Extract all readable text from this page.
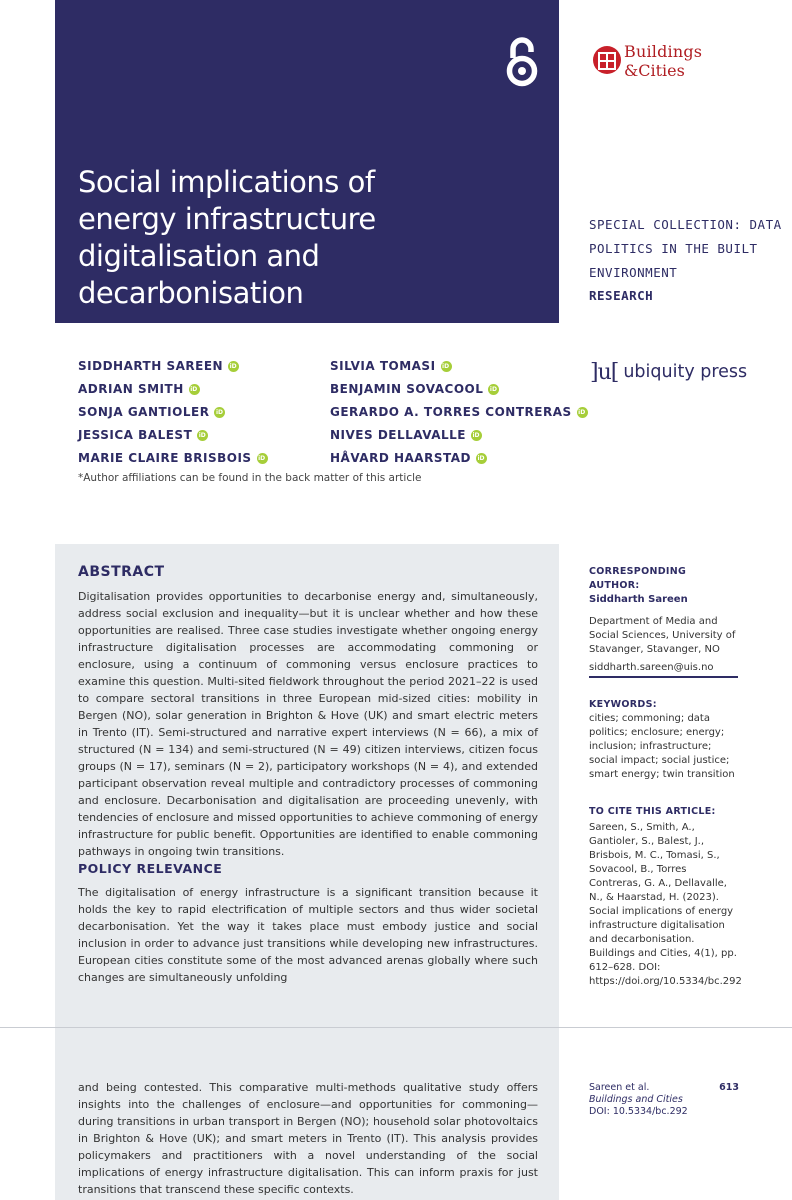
Social implications of energy infrastructure digitalisation and decarbonisation
Buildings
&Cities
SPECIAL COLLECTION: DATA POLITICS IN THE BUILT ENVIRONMENT
RESEARCH
]u[ ubiquity press
SIDDHARTH SAREEN
iD
ADRIAN SMITH
iD
SONJA GANTIOLER
iD
JESSICA BALEST
iD
MARIE CLAIRE BRISBOIS
iD
SILVIA TOMASI
iD
BENJAMIN SOVACOOL
iD
GERARDO A. TORRES CONTRERAS
iD
NIVES DELLAVALLE
iD
HÅVARD HAARSTAD
iD
*Author affiliations can be found in the back matter of this article
ABSTRACT

Digitalisation provides opportunities to decarbonise energy and, simultaneously, address social exclusion and inequality—but it is unclear whether and how these opportunities are realised. Three case studies investigate whether ongoing energy infrastructure digitalisation processes are accommodating commoning or enclosure, using a continuum of commoning versus enclosure practices to examine this question. Multi-sited fieldwork throughout the period 2021–22 is used to compare sectoral transitions in three European mid-sized cities: mobility in Bergen (NO), solar generation in Brighton & Hove (UK) and smart electric meters in Trento (IT). Semi-structured and narrative expert interviews (N = 66), a mix of structured (N = 134) and semi-structured (N = 49) citizen interviews, citizen focus groups (N = 17), seminars (N = 2), participatory workshops (N = 4), and extended participant observation reveal multiple and contradictory processes of commoning and enclosure. Decarbonisation and digitalisation are proceeding unevenly, with tendencies of enclosure and missed opportunities to achieve commoning of energy infrastructure for public benefit. Opportunities are identified to enable commoning pathways in ongoing twin transitions.

POLICY RELEVANCE

The digitalisation of energy infrastructure is a significant transition because it holds the key to rapid electrification of multiple sectors and thus wider societal decarbonisation. Yet the way it takes place must embody justice and social inclusion in order to advance just transitions while developing new infrastructures. European cities constitute some of the most advanced arenas globally where such changes are simultaneously unfolding

and being contested. This comparative multi-methods qualitative study offers insights into the challenges of enclosure—and opportunities for commoning—during transitions in urban transport in Bergen (NO); household solar photovoltaics in Brighton & Hove (UK); and smart meters in Trento (IT). This analysis provides policymakers and practitioners with a novel understanding of the social implications of energy infrastructure digitalisation. This can inform praxis for just transitions that transcend these specific contexts.

CORRESPONDING AUTHOR:
Siddharth Sareen
Department of Media and Social Sciences, University of Stavanger, Stavanger, NO
siddharth.sareen@uis.no
KEYWORDS:
cities; commoning; data politics; enclosure; energy; inclusion; infrastructure; social impact; social justice; smart energy; twin transition
TO CITE THIS ARTICLE:
Sareen, S., Smith, A., Gantioler, S., Balest, J., Brisbois, M. C., Tomasi, S., Sovacool, B., Torres Contreras, G. A., Dellavalle, N., & Haarstad, H. (2023). Social implications of energy infrastructure digitalisation and decarbonisation. Buildings and Cities, 4(1), pp. 612–628. DOI: https://doi.org/10.5334/bc.292
Sareen et al.
Buildings and Cities
DOI: 10.5334/bc.292
613
